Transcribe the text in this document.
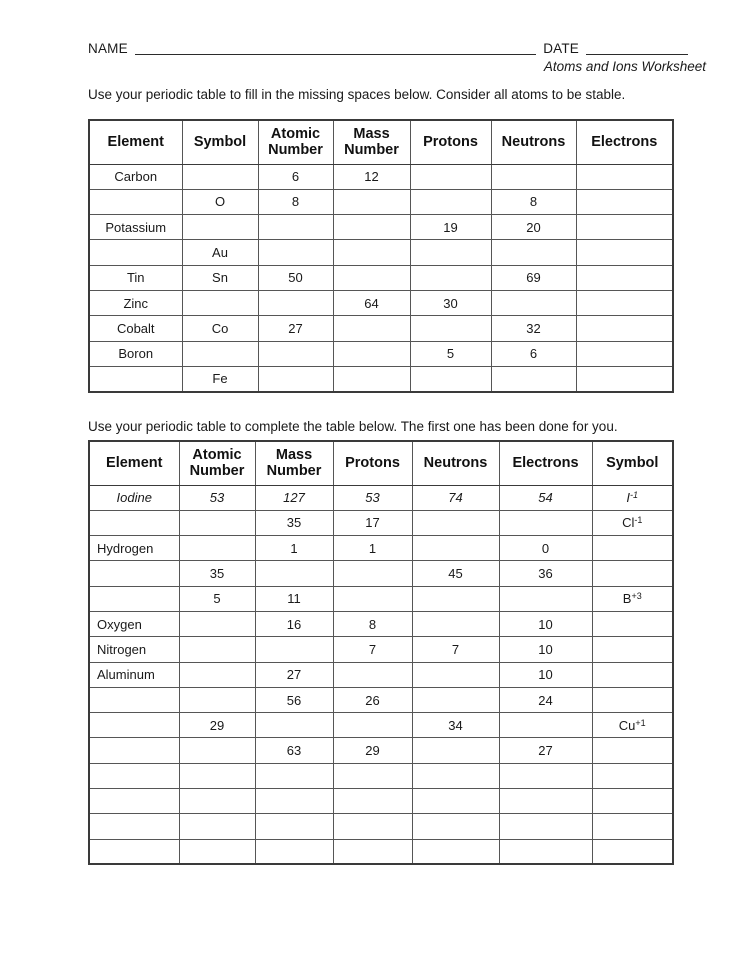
NAME	DATE
Atoms and Ions Worksheet
Use your periodic table to fill in the missing spaces below. Consider all atoms to be stable.
Element	Symbol	Atomic Number	Mass Number	Protons	Neutrons	Electrons
Carbon		6	12			
	O	8			8	
Potassium				19	20	
	Au					
Tin	Sn	50			69	
Zinc			64	30		
Cobalt	Co	27			32	
Boron				5	6	
	Fe					
Use your periodic table to complete the table below. The first one has been done for you.
Element	Atomic Number	Mass Number	Protons	Neutrons	Electrons	Symbol
Iodine	53	127	53	74	54	$I^{-1}$
		35	17			$Cl^{-1}$
Hydrogen		1	1		0	
	35			45	36	
	5	11				$B^{+3}$
Oxygen		16	8		10	
Nitrogen			7	7	10	
Aluminum		27			10	
		56	26		24	
	29			34		$Cu^{+1}$
		63	29		27	
